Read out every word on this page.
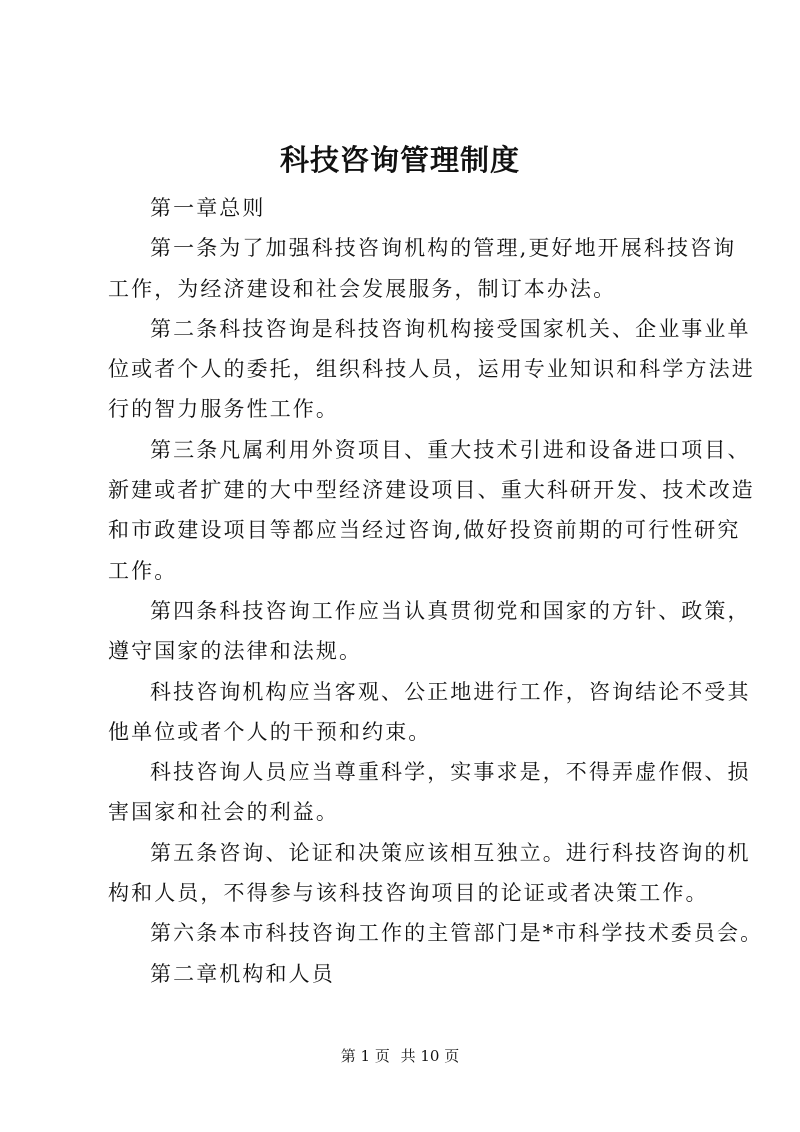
科技咨询管理制度
第一章总则
第一条为了加强科技咨询机构的管理,更好地开展科技咨询
工作，为经济建设和社会发展服务，制订本办法。
第二条科技咨询是科技咨询机构接受国家机关、企业事业单
位或者个人的委托，组织科技人员，运用专业知识和科学方法进
行的智力服务性工作。
第三条凡属利用外资项目、重大技术引进和设备进口项目、
新建或者扩建的大中型经济建设项目、重大科研开发、技术改造
和市政建设项目等都应当经过咨询,做好投资前期的可行性研究
工作。
第四条科技咨询工作应当认真贯彻党和国家的方针、政策，
遵守国家的法律和法规。
科技咨询机构应当客观、公正地进行工作，咨询结论不受其
他单位或者个人的干预和约束。
科技咨询人员应当尊重科学，实事求是，不得弄虚作假、损
害国家和社会的利益。
第五条咨询、论证和决策应该相互独立。进行科技咨询的机
构和人员，不得参与该科技咨询项目的论证或者决策工作。
第六条本市科技咨询工作的主管部门是*市科学技术委员会。
第二章机构和人员
第 1 页 共 10 页
